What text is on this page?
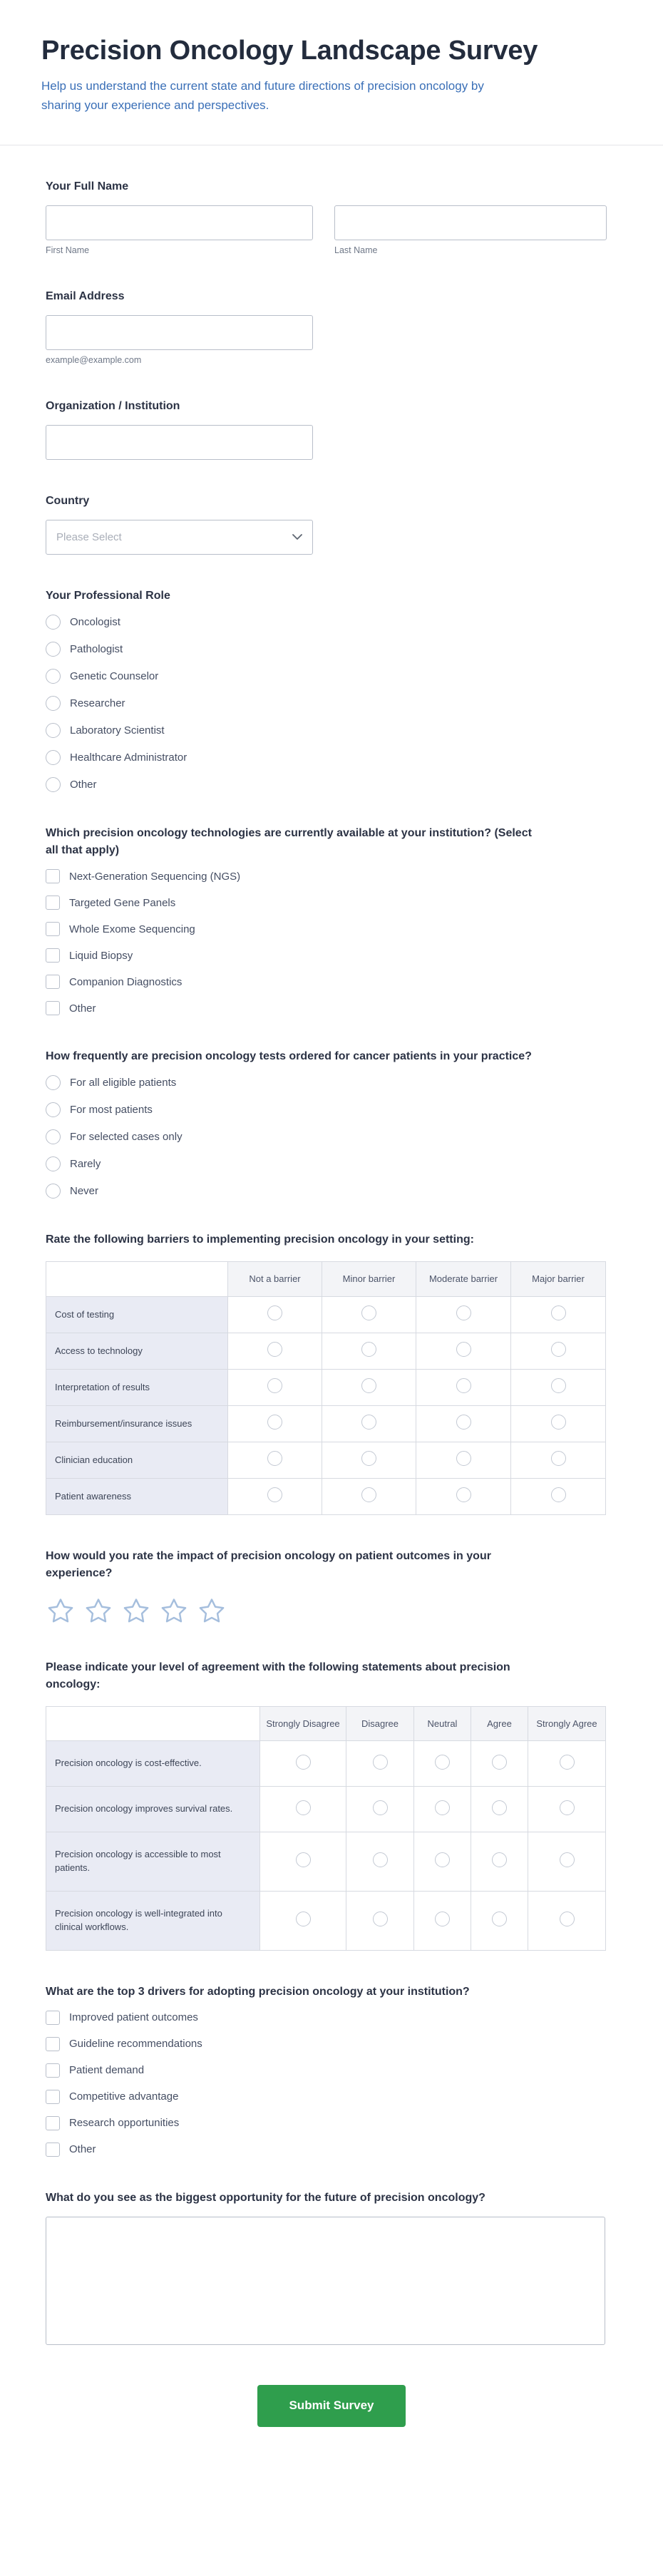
Precision Oncology Landscape Survey
Help us understand the current state and future directions of precision oncology by sharing your experience and perspectives.
Your Full Name
First Name	Last Name
Email Address
example@example.com
Organization / Institution
Country
Please Select
Your Professional Role
Oncologist
Pathologist
Genetic Counselor
Researcher
Laboratory Scientist
Healthcare Administrator
Other
Which precision oncology technologies are currently available at your institution? (Select all that apply)
Next-Generation Sequencing (NGS)
Targeted Gene Panels
Whole Exome Sequencing
Liquid Biopsy
Companion Diagnostics
Other
How frequently are precision oncology tests ordered for cancer patients in your practice?
For all eligible patients
For most patients
For selected cases only
Rarely
Never
Rate the following barriers to implementing precision oncology in your setting:
	Not a barrier	Minor barrier	Moderate barrier	Major barrier
Cost of testing				
Access to technology				
Interpretation of results				
Reimbursement/insurance issues				
Clinician education				
Patient awareness				
How would you rate the impact of precision oncology on patient outcomes in your experience?
Please indicate your level of agreement with the following statements about precision oncology:
	Strongly Disagree	Disagree	Neutral	Agree	Strongly Agree
Precision oncology is cost-effective.					
Precision oncology improves survival rates.					
Precision oncology is accessible to most patients.					
Precision oncology is well-integrated into clinical workflows.					
What are the top 3 drivers for adopting precision oncology at your institution?
Improved patient outcomes
Guideline recommendations
Patient demand
Competitive advantage
Research opportunities
Other
What do you see as the biggest opportunity for the future of precision oncology?
Submit Survey
